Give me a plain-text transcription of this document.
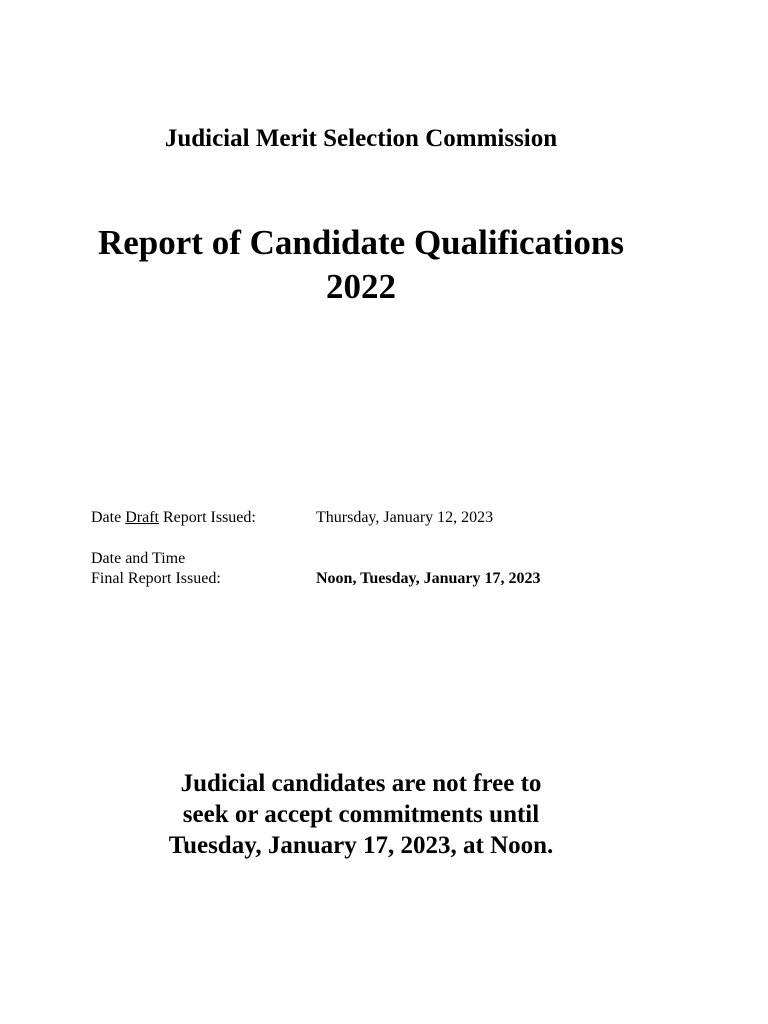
Judicial Merit Selection Commission
Report of Candidate Qualifications
2022
Date Draft Report Issued:	Thursday, January 12, 2023
Date and Time
Final Report Issued:	Noon, Tuesday, January 17, 2023
Judicial candidates are not free to
seek or accept commitments until
Tuesday, January 17, 2023, at Noon.
